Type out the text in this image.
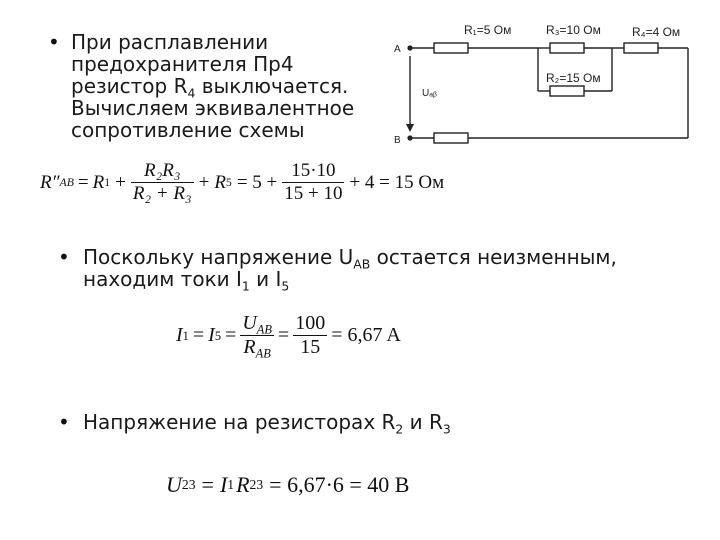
• При расплавлении
предохранителя Пр4
резистор $R_4$ выключается.
Вычисляем эквивалентное
сопротивление схемы
A
B
Uₐᵦ
R₁=5 Ом	R₃=10 Ом	R₄=4 Ом
R₂=15 Ом
R″ AB = R $1 + \frac{\text{R₂R₃}}{\text{R₂ + R₃}} + R$ $5 = 5 + \frac{15\cdot 10}{15 + 10} + 4 = 15$ Ом
• Поскольку напряжение $U_{AB}$ остается неизменным,
находим токи $I_1$ и $I_5$
I 1 = I $5 = \frac{U_{AB}}{R_{AB}} = \frac{100}{15} = 6,67$ A
• Напряжение на резисторах $R_2$ и $R_3$
U 23 = I 1 R 23 = 6,67·6 = 40 B
